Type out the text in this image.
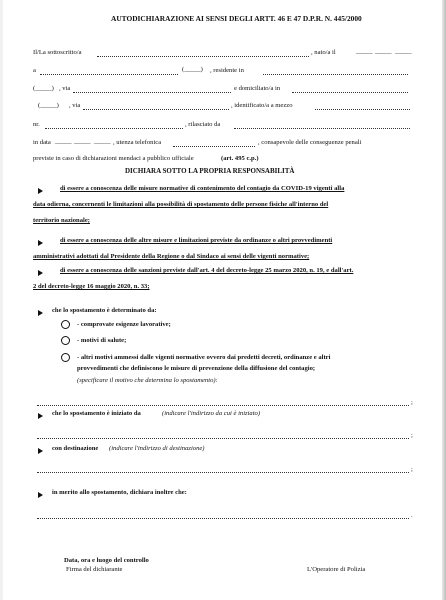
AUTODICHIARAZIONE AI SENSI DEGLI ARTT. 46 E 47 D.P.R. N. 445/2000
Il/La sottoscritto/a	, nato/a il	_____ _____ _____
a	(_____) , residente in
(_____) , via	e domiciliato/a in
(_____) , via	, identificato/a a mezzo
nr.	, rilasciato da
in data _____ _____ _____ , utenza telefonica	, consapevole delle conseguenze penali
previste in caso di dichiarazioni mendaci a pubblico ufficiale	(art. 495 c.p.)
DICHIARA SOTTO LA PROPRIA RESPONSABILITÀ
di essere a conoscenza delle misure normative di contenimento del contagio da COVID-19 vigenti alla
data odierna, concernenti le limitazioni alla possibilità di spostamento delle persone fisiche all'interno del
territorio nazionale;
di essere a conoscenza delle altre misure e limitazioni previste da ordinanze o altri provvedimenti
amministrativi adottati dal Presidente della Regione o dal Sindaco ai sensi delle vigenti normative;
di essere a conoscenza delle sanzioni previste dall'art. 4 del decreto-legge 25 marzo 2020, n. 19, e dall'art.
2 del decreto-legge 16 maggio 2020, n. 33;
che lo spostamento è determinato da:
- comprovate esigenze lavorative;
- motivi di salute;
- altri motivi ammessi dalle vigenti normative ovvero dai predetti decreti, ordinanze e altri
provvedimenti che definiscono le misure di prevenzione della diffusione del contagio;
(specificare il motivo che determina lo spostamento):
;
che lo spostamento è iniziato da	(indicare l'indirizzo da cui è iniziato)
;
con destinazione (indicare l'indirizzo di destinazione)
;
in merito allo spostamento, dichiara inoltre che:
.
Data, ora e luogo del controllo
Firma del dichiarante	L'Operatore di Polizia
